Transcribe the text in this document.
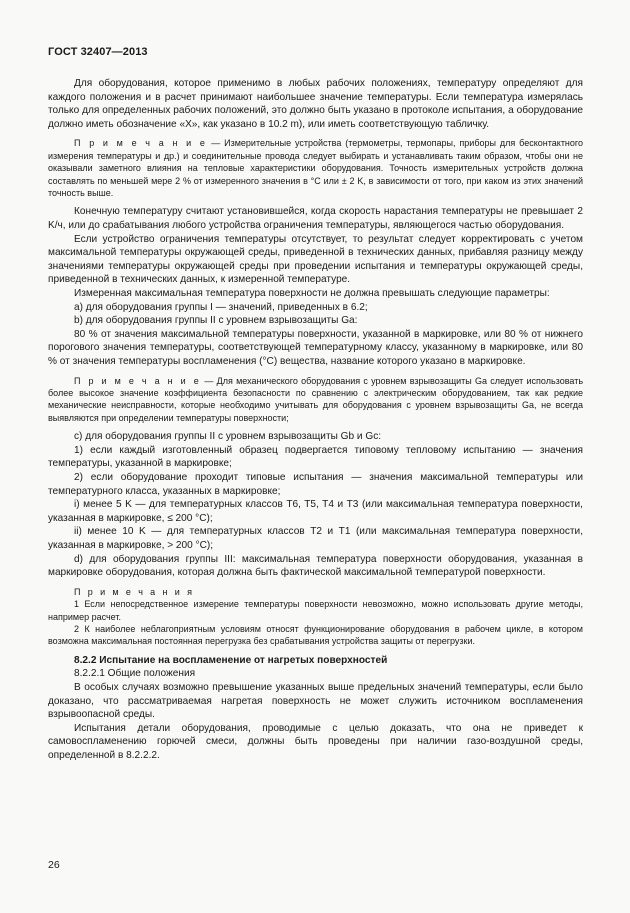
ГОСТ 32407—2013

Для оборудования, которое применимо в любых рабочих положениях, температуру определяют для каждого положения и в расчет принимают наибольшее значение температуры. Если температура измерялась только для определенных рабочих положений, это должно быть указано в протоколе испытания, а оборудование должно иметь обозначение «X», как указано в 10.2 m), или иметь соответствующую табличку.

П р и м е ч а н и е — Измерительные устройства (термометры, термопары, приборы для бесконтактного измерения температуры и др.) и соединительные провода следует выбирать и устанавливать таким образом, чтобы они не оказывали заметного влияния на тепловые характеристики оборудования. Точность измерительных устройств должна составлять по меньшей мере 2 % от измеренного значения в °C или ± 2 K, в зависимости от того, при каком из этих значений точность выше.

Конечную температуру считают установившейся, когда скорость нарастания температуры не превышает 2 K/ч, или до срабатывания любого устройства ограничения температуры, являющегося частью оборудования.

Если устройство ограничения температуры отсутствует, то результат следует корректировать с учетом максимальной температуры окружающей среды, приведенной в технических данных, прибавляя разницу между значениями температуры окружающей среды при проведении испытания и температуры окружающей среды, приведенной в технических данных, к измеренной температуре.

Измеренная максимальная температура поверхности не должна превышать следующие параметры:

a) для оборудования группы I — значений, приведенных в 6.2;

b) для оборудования группы II с уровнем взрывозащиты Ga:

80 % от значения максимальной температуры поверхности, указанной в маркировке, или 80 % от нижнего порогового значения температуры, соответствующей температурному классу, указанному в маркировке, или 80 % от значения температуры воспламенения (°C) вещества, название которого указано в маркировке.

П р и м е ч а н и е — Для механического оборудования с уровнем взрывозащиты Ga следует использовать более высокое значение коэффициента безопасности по сравнению с электрическим оборудованием, так как редкие механические неисправности, которые необходимо учитывать для оборудования с уровнем взрывозащиты Ga, не всегда выявляются при определении температуры поверхности;

c) для оборудования группы II с уровнем взрывозащиты Gb и Gc:

1) если каждый изготовленный образец подвергается типовому тепловому испытанию — значения температуры, указанной в маркировке;

2) если оборудование проходит типовые испытания — значения максимальной температуры или температурного класса, указанных в маркировке;

i) менее 5 K — для температурных классов T6, T5, T4 и T3 (или максимальная температура поверхности, указанная в маркировке, ≤ 200 °C);

ii) менее 10 K — для температурных классов T2 и T1 (или максимальная температура поверхности, указанная в маркировке, > 200 °C);

d) для оборудования группы III: максимальная температура поверхности оборудования, указанная в маркировке оборудования, которая должна быть фактической максимальной температурой поверхности.

П р и м е ч а н и я

1 Если непосредственное измерение температуры поверхности невозможно, можно использовать другие методы, например расчет.

2 К наиболее неблагоприятным условиям относят функционирование оборудования в рабочем цикле, в котором возможна максимальная постоянная перегрузка без срабатывания устройства защиты от перегрузки.

8.2.2 Испытание на воспламенение от нагретых поверхностей

8.2.2.1 Общие положения

В особых случаях возможно превышение указанных выше предельных значений температуры, если было доказано, что рассматриваемая нагретая поверхность не может служить источником воспламенения взрывоопасной среды.

Испытания детали оборудования, проводимые с целью доказать, что она не приведет к самовоспламенению горючей смеси, должны быть проведены при наличии газо-воздушной среды, определенной в 8.2.2.2.

26
